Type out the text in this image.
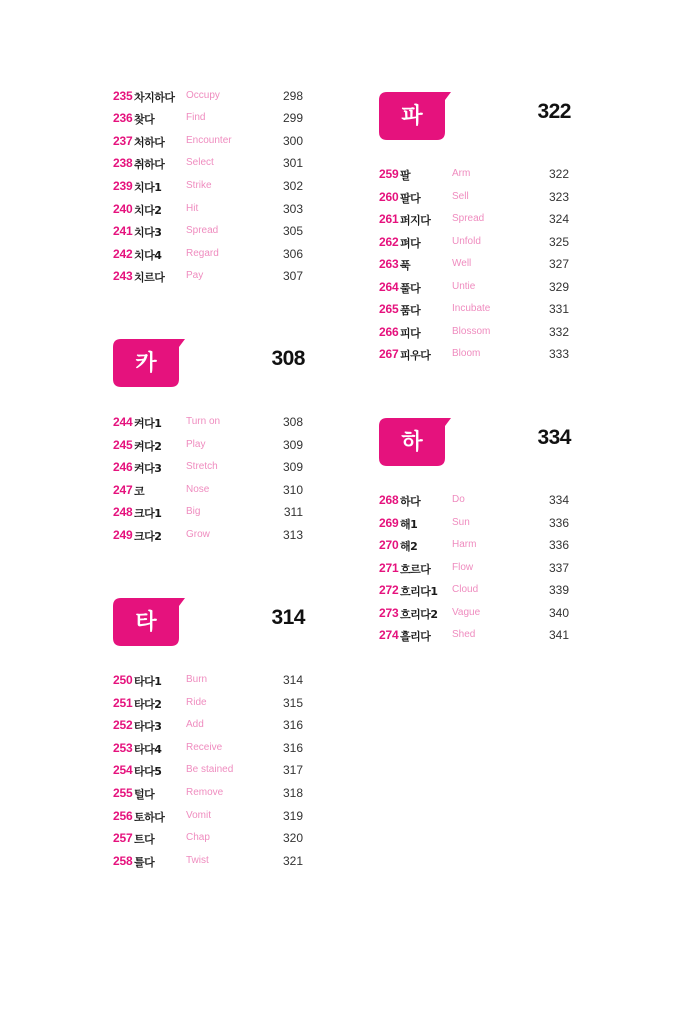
235 차지하다 Occupy	298
236 찾다	Find	299
237 처하다 Encounter	300
238 취하다 Select	301
239 치다1 Strike	302
240 치다2 Hit	303
241 치다3 Spread	305
242 치다4 Regard	306
243 치르다 Pay	307
카	308
244 켜다1 Turn on	308
245 켜다2 Play	309
246 켜다3 Stretch	309
247 코	Nose	310
248 크다1 Big	311
249 크다2 Grow	313
타	314
250 타다1 Burn	314
251 타다2 Ride	315
252 타다3 Add	316
253 타다4 Receive	316
254 타다5 Be stained	317
255 털다	Remove	318
256 토하다 Vomit	319
257 트다	Chap	320
258 틀다	Twist	321
파	322
259 팔	Arm	322
260 팔다	Sell	323
261 퍼지다 Spread	324
262 펴다	Unfold	325
263 푹	Well	327
264 풀다	Untie	329
265 품다	Incubate	331
266 피다	Blossom	332
267 피우다 Bloom	333
하	334
268 하다	Do	334
269 해1	Sun	336
270 해2	Harm	336
271 흐르다 Flow	337
272 흐리다1 Cloud	339
273 흐리다2 Vague	340
274 흘리다 Shed	341
